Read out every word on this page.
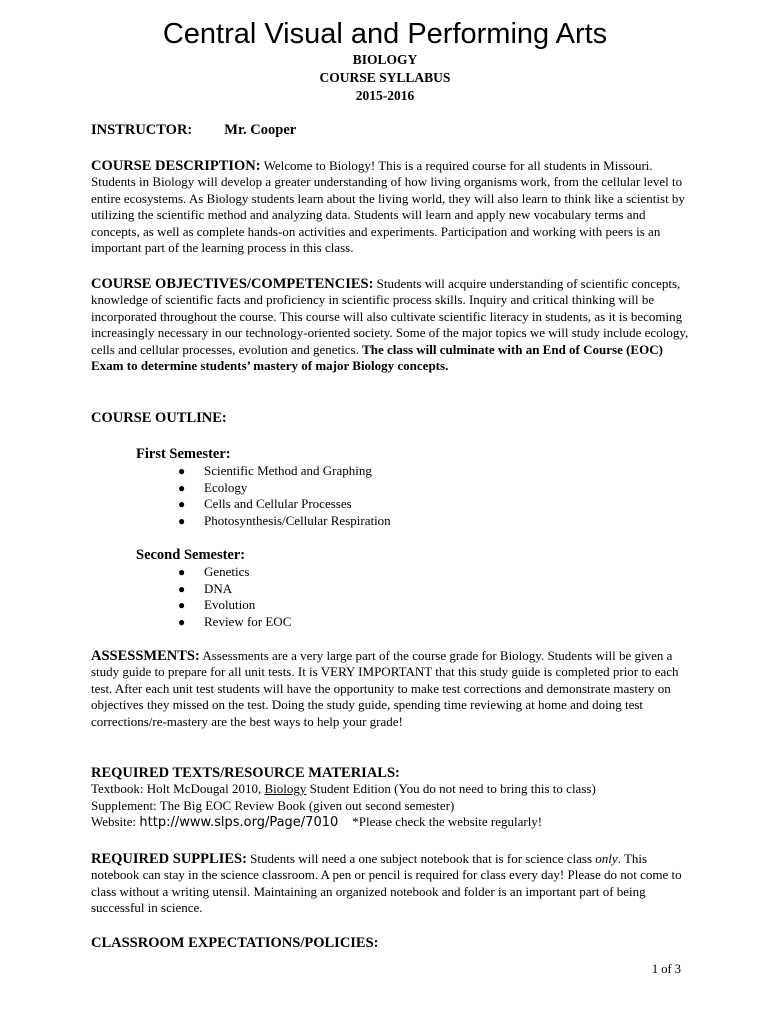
Central Visual and Performing Arts
BIOLOGY
COURSE SYLLABUS
2015-2016
INSTRUCTOR: Mr. Cooper
COURSE DESCRIPTION: Welcome to Biology! This is a required course for all students in Missouri. Students in Biology will develop a greater understanding of how living organisms work, from the cellular level to entire ecosystems. As Biology students learn about the living world, they will also learn to think like a scientist by utilizing the scientific method and analyzing data. Students will learn and apply new vocabulary terms and concepts, as well as complete hands-on activities and experiments. Participation and working with peers is an important part of the learning process in this class.
COURSE OBJECTIVES/COMPETENCIES: Students will acquire understanding of scientific concepts, knowledge of scientific facts and proficiency in scientific process skills. Inquiry and critical thinking will be incorporated throughout the course. This course will also cultivate scientific literacy in students, as it is becoming increasingly necessary in our technology-oriented society. Some of the major topics we will study include ecology, cells and cellular processes, evolution and genetics. The class will culminate with an End of Course (EOC) Exam to determine students’ mastery of major Biology concepts.
COURSE OUTLINE:
First Semester:
● Scientific Method and Graphing
● Ecology
● Cells and Cellular Processes
● Photosynthesis/Cellular Respiration
Second Semester:
● Genetics
● DNA
● Evolution
● Review for EOC
ASSESSMENTS: Assessments are a very large part of the course grade for Biology. Students will be given a study guide to prepare for all unit tests. It is VERY IMPORTANT that this study guide is completed prior to each test. After each unit test students will have the opportunity to make test corrections and demonstrate mastery on objectives they missed on the test. Doing the study guide, spending time reviewing at home and doing test corrections/re-mastery are the best ways to help your grade!
REQUIRED TEXTS/RESOURCE MATERIALS:
Textbook: Holt McDougal 2010, Biology Student Edition (You do not need to bring this to class)
Supplement: The Big EOC Review Book (given out second semester)
Website: http://www.slps.org/Page/7010 *Please check the website regularly!
REQUIRED SUPPLIES: Students will need a one subject notebook that is for science class only. This notebook can stay in the science classroom. A pen or pencil is required for class every day! Please do not come to class without a writing utensil. Maintaining an organized notebook and folder is an important part of being successful in science.
CLASSROOM EXPECTATIONS/POLICIES:
1 of 3
